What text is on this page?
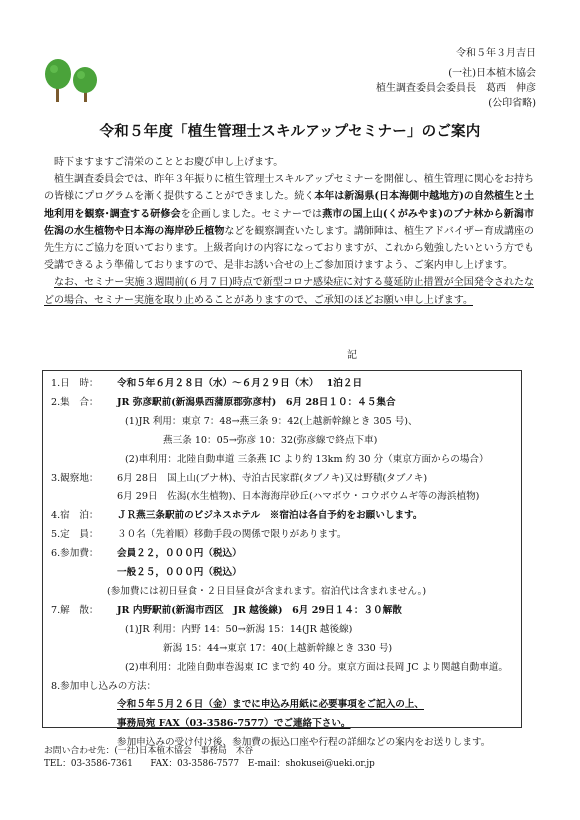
令和５年３月吉日
(一社)日本植木協会
植生調査委員会委員長　葛西　伸彦
(公印省略)
令和５年度「植生管理士スキルアップセミナー」のご案内

時下ますますご清栄のこととお慶び申し上げます。

植生調査委員会では、昨年３年振りに植生管理士スキルアップセミナーを開催し、植生管理に関心をお持ちの皆様にプログラムを漸く提供することができました。続く本年は新潟県(日本海側中越地方)の自然植生と土地利用を観察･調査する研修会を企画しました。セミナーでは燕市の国上山(くがみやま)のブナ林から新潟市佐潟の水生植物や日本海の海岸砂丘植物などを観察調査いたします。講師陣は、植生アドバイザー育成講座の先生方にご協力を頂いております。上級者向けの内容になっておりますが、これから勉強したいという方でも受講できるよう準備しておりますので、是非お誘い合せの上ご参加頂けますよう、ご案内申し上げます。

なお、セミナー実施３週間前(６月７日)時点で新型コロナ感染症に対する蔓延防止措置が全国発令されたなどの場合、セミナー実施を取り止めることがありますので、ご承知のほどお願い申し上げます。

記
1.日　時：	令和５年６月２８日（水）～６月２９日（木）　 1泊２日
2.集　合：	JR 弥彦駅前(新潟県西蒲原郡弥彦村)　6月 28日１０：４５集合
(1)JR 利用：東京 7：48→燕三条 9：42(上越新幹線とき 305 号)、
燕三条 10：05→弥彦 10：32(弥彦線で終点下車)
(2)車利用：北陸自動車道 三条燕 IC より約 13km 約 30 分（東京方面からの場合）
3.観察地：	6月 28日　国上山(ブナ林)、寺泊古民家群(タブノキ)又は野積(タブノキ)
6月 29日　佐潟(水生植物)、日本海海岸砂丘(ハマボウ・コウボウムギ等の海浜植物)
4.宿　泊：	ＪＲ燕三条駅前のビジネスホテル　※宿泊は各自予約をお願いします。
5.定　員：	３０名（先着順）移動手段の関係で限りがあります。
6.参加費：	会員２２，０００円（税込）
一般２５，０００円（税込）
(参加費には初日昼食・２日目昼食が含まれます。宿泊代は含まれません。)
7.解　散：	JR 内野駅前(新潟市西区　JR 越後線)　6月 29日１４：３０解散
(1)JR 利用：内野 14：50→新潟 15：14(JR 越後線)
新潟 15：44→東京 17：40(上越新幹線とき 330 号)
(2)車利用：北陸自動車巻潟東 IC まで約 40 分。東京方面は長岡 JC より関越自動車道。
8.参加申し込みの方法：
令和５年５月２６日（金）までに申込み用紙に必要事項をご記入の上、
事務局宛 FAX（03-3586-7577）でご連絡下さい。
参加申込みの受け付け後、参加費の振込口座や行程の詳細などの案内をお送りします。
お問い合わせ先：(一社)日本植木協会　事務局　木谷
TEL：03-3586-7361　　FAX：03-3586-7577　E-mail：shokusei@ueki.or.jp
